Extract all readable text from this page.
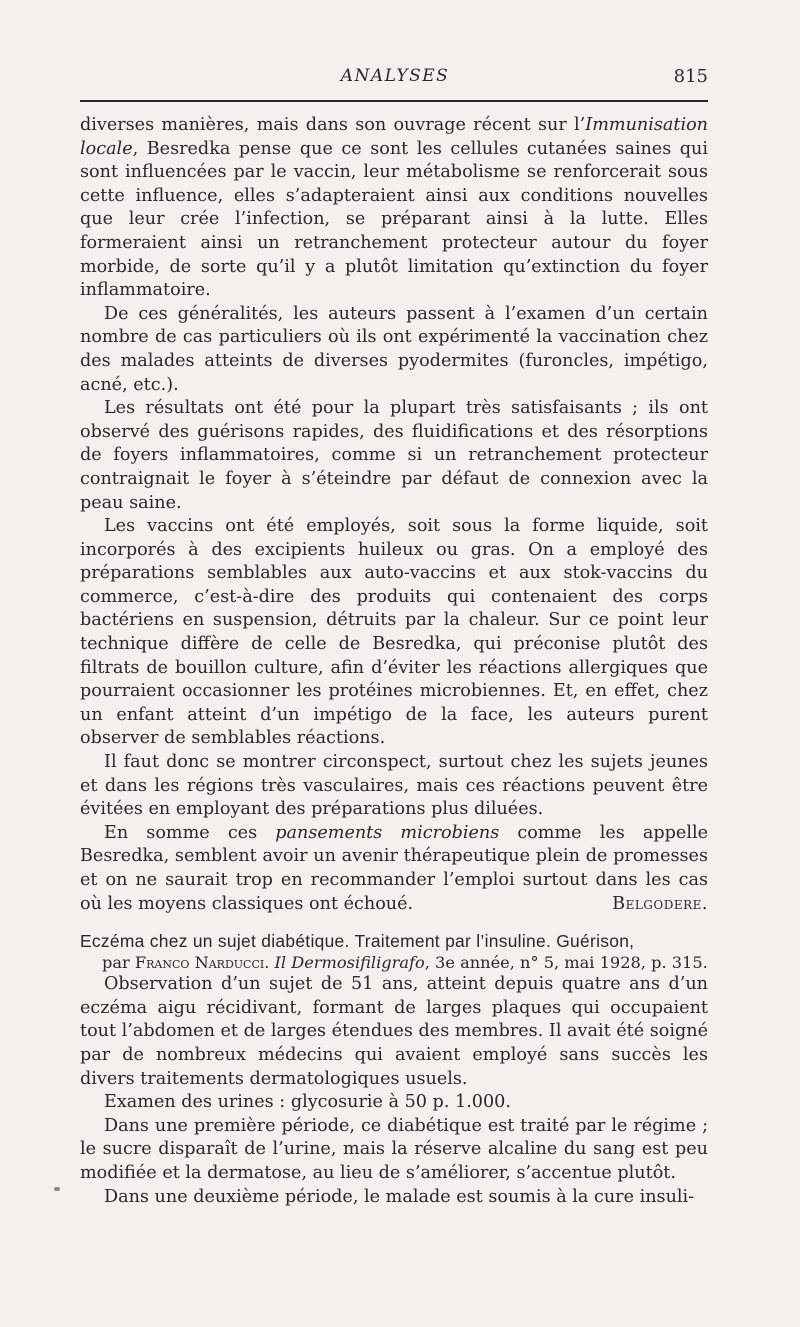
ANALYSES	815

diverses manières, mais dans son ouvrage récent sur l’Immunisation locale, Besredka pense que ce sont les cellules cutanées saines qui sont influencées par le vaccin, leur métabolisme se renforcerait sous cette influence, elles s’adapteraient ainsi aux conditions nouvelles que leur crée l’infection, se préparant ainsi à la lutte. Elles formeraient ainsi un retranchement protecteur autour du foyer morbide, de sorte qu’il y a plutôt limitation qu’extinction du foyer inflammatoire.

De ces généralités, les auteurs passent à l’examen d’un certain nombre de cas particuliers où ils ont expérimenté la vaccination chez des malades atteints de diverses pyodermites (furoncles, impétigo, acné, etc.).

Les résultats ont été pour la plupart très satisfaisants ; ils ont observé des guérisons rapides, des fluidifications et des résorptions de foyers inflammatoires, comme si un retranchement protecteur contraignait le foyer à s’éteindre par défaut de connexion avec la peau saine.

Les vaccins ont été employés, soit sous la forme liquide, soit incorporés à des excipients huileux ou gras. On a employé des préparations semblables aux auto-vaccins et aux stok-vaccins du commerce, c’est-à-dire des produits qui contenaient des corps bactériens en suspension, détruits par la chaleur. Sur ce point leur technique diffère de celle de Besredka, qui préconise plutôt des filtrats de bouillon culture, afin d’éviter les réactions allergiques que pourraient occasionner les protéines microbiennes. Et, en effet, chez un enfant atteint d’un impétigo de la face, les auteurs purent observer de semblables réactions.

Il faut donc se montrer circonspect, surtout chez les sujets jeunes et dans les régions très vasculaires, mais ces réactions peuvent être évitées en employant des préparations plus diluées.

En somme ces pansements microbiens comme les appelle Besredka, semblent avoir un avenir thérapeutique plein de promesses et on ne saurait trop en recommander l’emploi surtout dans les cas où les moyens classiques ont échoué.	Belgodere.

Eczéma chez un sujet diabétique. Traitement par l’insuline. Guérison,

par Franco Narducci. Il Dermosifiligrafo, 3e année, n° 5, mai 1928, p. 315.

Observation d’un sujet de 51 ans, atteint depuis quatre ans d’un eczéma aigu récidivant, formant de larges plaques qui occupaient tout l’abdomen et de larges étendues des membres. Il avait été soigné par de nombreux médecins qui avaient employé sans succès les divers traitements dermatologiques usuels.

Examen des urines : glycosurie à 50 p. 1.000.

Dans une première période, ce diabétique est traité par le régime ; le sucre disparaît de l’urine, mais la réserve alcaline du sang est peu modifiée et la dermatose, au lieu de s’améliorer, s’accentue plutôt.

Dans une deuxième période, le malade est soumis à la cure insuli-
